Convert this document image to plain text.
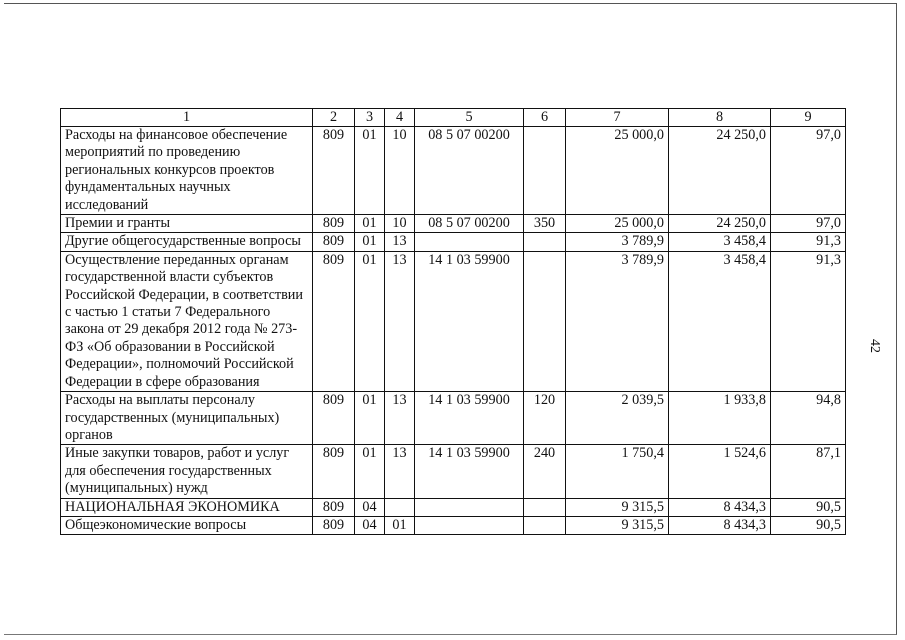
42
1	2	3	4	5	6	7	8	9
Расходы на финансовое обеспечение мероприятий по проведению региональных конкурсов проектов фундаментальных научных исследований	809	01	10	08 5 07 00200		25 000,0	24 250,0	97,0
Премии и гранты	809	01	10	08 5 07 00200	350	25 000,0	24 250,0	97,0
Другие общегосударственные вопросы	809	01	13			3 789,9	3 458,4	91,3
Осуществление переданных органам государственной власти субъектов Российской Федерации, в соответствии с частью 1 статьи 7 Федерального закона от 29 декабря 2012 года № 273-ФЗ «Об образовании в Российской Федерации», полномочий Российской Федерации в сфере образования	809	01	13	14 1 03 59900		3 789,9	3 458,4	91,3
Расходы на выплаты персоналу государственных (муниципальных) органов	809	01	13	14 1 03 59900	120	2 039,5	1 933,8	94,8
Иные закупки товаров, работ и услуг для обеспечения государственных (муниципальных) нужд	809	01	13	14 1 03 59900	240	1 750,4	1 524,6	87,1
НАЦИОНАЛЬНАЯ ЭКОНОМИКА	809	04				9 315,5	8 434,3	90,5
Общеэкономические вопросы	809	04	01			9 315,5	8 434,3	90,5
